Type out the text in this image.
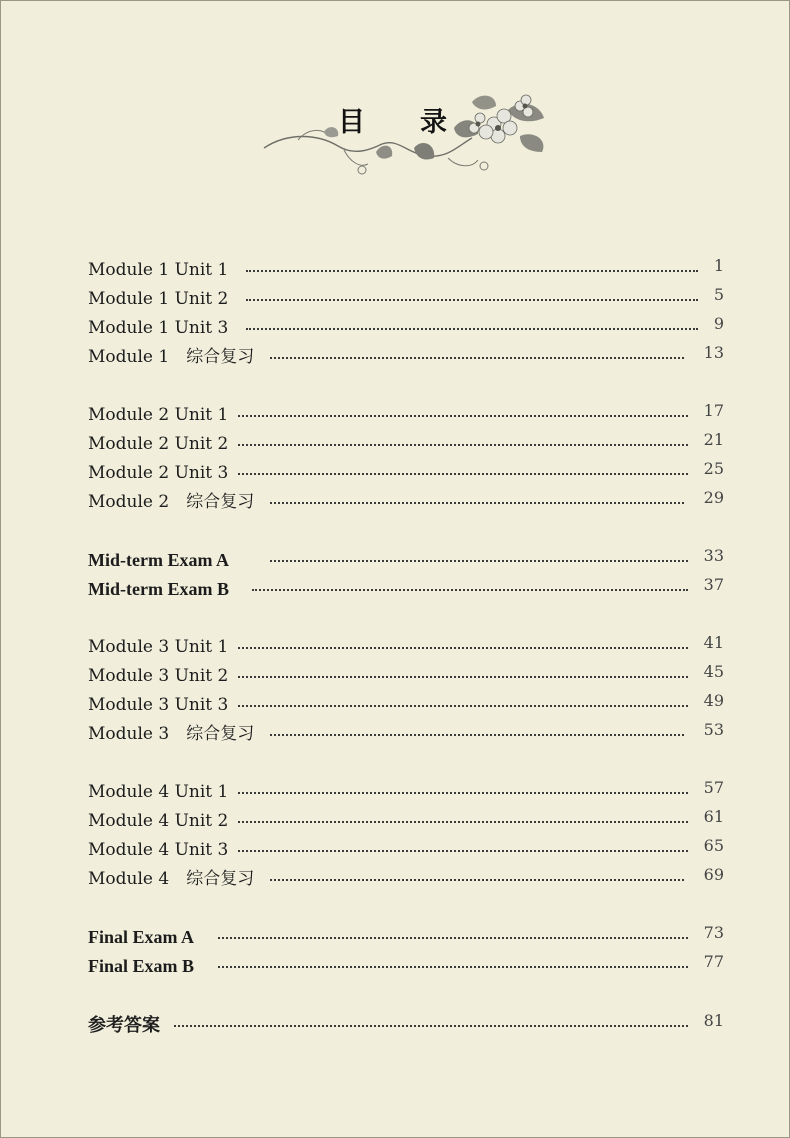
目 录
Module 1 Unit 1	1
Module 1 Unit 2	5
Module 1 Unit 3	9
Module 1　综合复习	13
Module 2 Unit 1	17
Module 2 Unit 2	21
Module 2 Unit 3	25
Module 2　综合复习	29
Mid-term Exam A	33
Mid-term Exam B	37
Module 3 Unit 1	41
Module 3 Unit 2	45
Module 3 Unit 3	49
Module 3　综合复习	53
Module 4 Unit 1	57
Module 4 Unit 2	61
Module 4 Unit 3	65
Module 4　综合复习	69
Final Exam A	73
Final Exam B	77
参考答案	81
